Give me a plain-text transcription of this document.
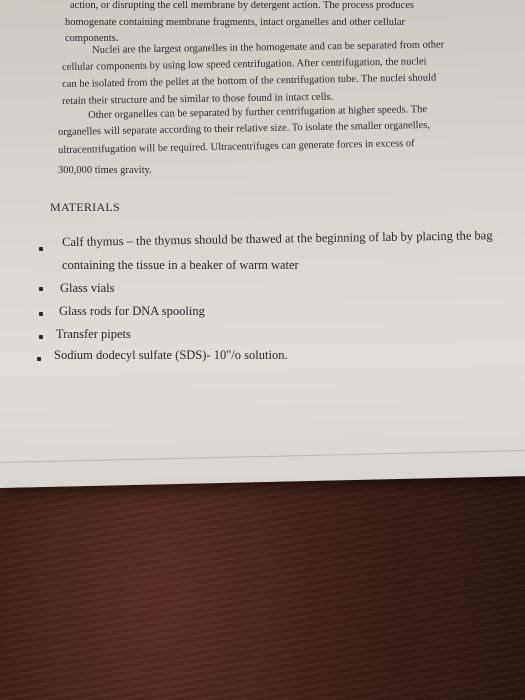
action, or disrupting the cell membrane by detergent action. The process produces

homogenate containing membrane fragments, intact organelles and other cellular

components.

Nuclei are the largest organelles in the homogenate and can be separated from other

cellular components by using low speed centrifugation. After centrifugation, the nuclei

can be isolated from the pellet at the bottom of the centrifugation tube. The nuclei should

retain their structure and be similar to those found in intact cells.

Other organelles can be separated by further centrifugation at higher speeds. The

organelles will separate according to their relative size. To isolate the smaller organelles,

ultracentrifugation will be required. Ultracentrifuges can generate forces in excess of

300,000 times gravity.

MATERIALS
Calf thymus – the thymus should be thawed at the beginning of lab by placing the bag
containing the tissue in a beaker of warm water
Glass vials
Glass rods for DNA spooling
Transfer pipets
Sodium dodecyl sulfate (SDS)- 10"/o solution.
